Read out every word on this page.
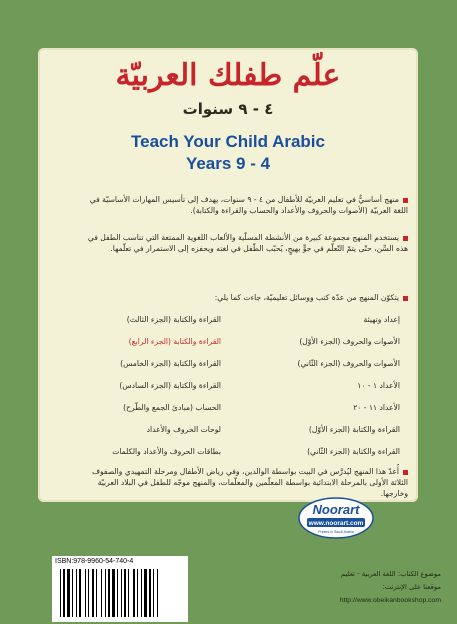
علّم طفلك العربيّة
٤ - ٩ سنوات
Teach Your Child Arabic
Years 9 - 4
منهج أساسيٌّ في تعليم العربيّة للأطفال من ٤ - ٩ سنوات، يهدف إلى تأسيس المهارات الأساسيّة في
اللغة العربيّة (الأصوات والحروف والأعداد والحساب والقراءة والكتابة).
يستخدم المنهج مجموعة كبيرة من الأنشطة المسلّية والألعاب اللغوية الممتعة التي تناسب الطفل في
هذه السِّن، حتّى يتمّ التّعلّم في جوٍّ بهيجٍ، يُحبّب الطّفل في لغته ويحفزه إلى الاستمرار في تعلّمها.
يتكوّن المنهج من عدّة كتب ووسائل تعليميّة، جاءت كما يلي:
إعداد وتهيئة
الأصوات والحروف (الجزء الأوّل)
الأصوات والحروف (الجزء الثّاني)
الأعداد ١ - ١٠
الأعداد ١١ - ٢٠
القراءة والكتابة (الجزء الأوّل)
القراءة والكتابة (الجزء الثّاني)
القراءة والكتابة (الجزء الثالث)
القراءة والكتابة (الجزء الرابع)
القراءة والكتابة (الجزء الخامس)
القراءة والكتابة (الجزء السادس)
الحساب (مبادئ الجمع والطّرح)
لوحات الحروف والأعداد
بطاقات الحروف والأعداد والكلمات
أُعدّ هذا المنهج ليُدرَّس في البيت بواسطة الوالدين، وفي رياض الأطفال ومرحلة التمهيدي والصفوف
الثلاثة الأولى بالمرحلة الابتدائية بواسطة المعلّمين والمعلّمات، والمنهج موجّه للطفل في البلاد العربيّة
وخارجها.
Noorart
www.noorart.com
Printed in Saudi Arabia
ISBN:978-9960-54-740-4
موضوع الكتاب: اللغة العربية - تعليم
موقعنا على الإنترنت:
http://www.obeikanbookshop.com
